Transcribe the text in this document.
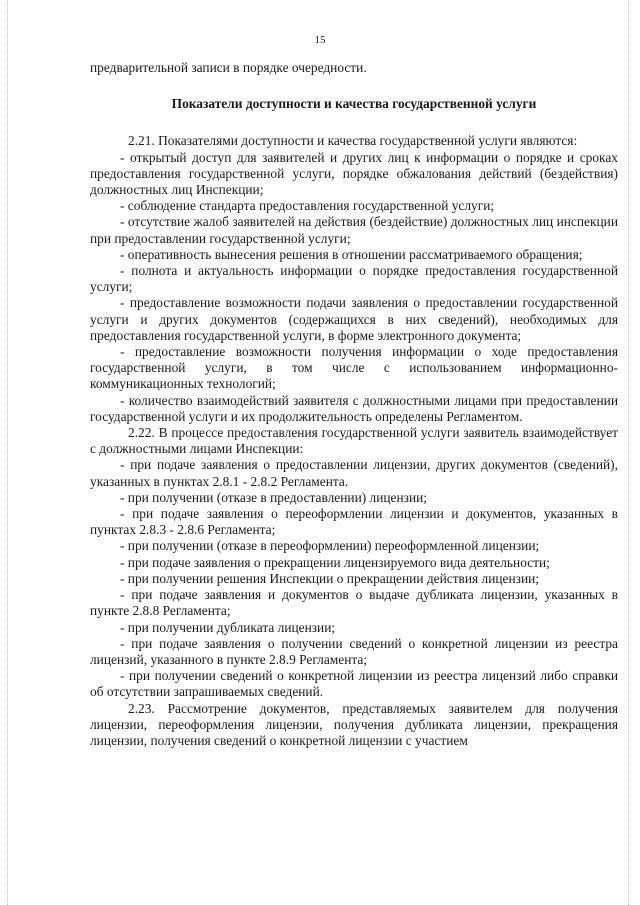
15

предварительной записи в порядке очередности.

Показатели доступности и качества государственной услуги

2.21. Показателями доступности и качества государственной услуги являются:

- открытый доступ для заявителей и других лиц к информации о порядке и сроках предоставления государственной услуги, порядке обжалования действий (бездействия) должностных лиц Инспекции;

- соблюдение стандарта предоставления государственной услуги;

- отсутствие жалоб заявителей на действия (бездействие) должностных лиц инспекции при предоставлении государственной услуги;

- оперативность вынесения решения в отношении рассматриваемого обращения;

- полнота и актуальность информации о порядке предоставления государственной услуги;

- предоставление возможности подачи заявления о предоставлении государственной услуги и других документов (содержащихся в них сведений), необходимых для предоставления государственной услуги, в форме электронного документа;

- предоставление возможности получения информации о ходе предоставления государственной услуги, в том числе с использованием информационно-коммуникационных технологий;

- количество взаимодействий заявителя с должностными лицами при предоставлении государственной услуги и их продолжительность определены Регламентом.

2.22. В процессе предоставления государственной услуги заявитель взаимодействует с должностными лицами Инспекции:

- при подаче заявления о предоставлении лицензии, других документов (сведений), указанных в пунктах 2.8.1 - 2.8.2 Регламента.

- при получении (отказе в предоставлении) лицензии;

- при подаче заявления о переоформлении лицензии и документов, указанных в пунктах 2.8.3 - 2.8.6 Регламента;

- при получении (отказе в переоформлении) переоформленной лицензии;

- при подаче заявления о прекращении лицензируемого вида деятельности;

- при получении решения Инспекции о прекращении действия лицензии;

- при подаче заявления и документов о выдаче дубликата лицензии, указанных в пункте 2.8.8 Регламента;

- при получении дубликата лицензии;

- при подаче заявления о получении сведений о конкретной лицензии из реестра лицензий, указанного в пункте 2.8.9 Регламента;

- при получении сведений о конкретной лицензии из реестра лицензий либо справки об отсутствии запрашиваемых сведений.

2.23. Рассмотрение документов, представляемых заявителем для получения лицензии, переоформления лицензии, получения дубликата лицензии, прекращения лицензии, получения сведений о конкретной лицензии с участием
